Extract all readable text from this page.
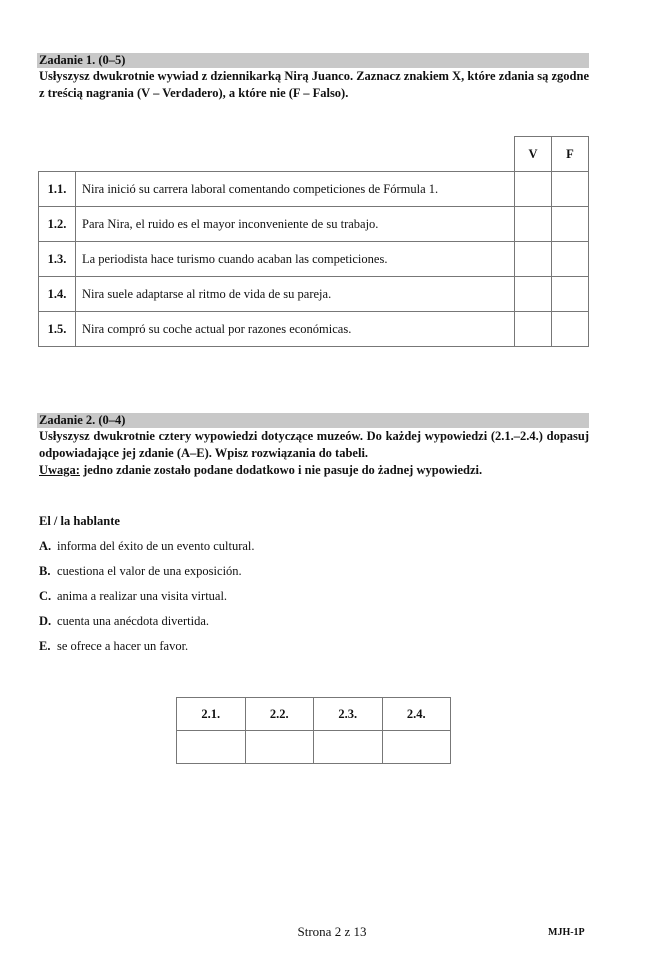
Zadanie 1. (0–5)
Usłyszysz dwukrotnie wywiad z dziennikarką Nirą Juanco. Zaznacz znakiem X, które zdania są zgodne z treścią nagrania (V – Verdadero), a które nie (F – Falso).
		V	F
1.1.	Nira inició su carrera laboral comentando competiciones de Fórmula 1.		
1.2.	Para Nira, el ruido es el mayor inconveniente de su trabajo.		
1.3.	La periodista hace turismo cuando acaban las competiciones.		
1.4.	Nira suele adaptarse al ritmo de vida de su pareja.		
1.5.	Nira compró su coche actual por razones económicas.		
Zadanie 2. (0–4)
Usłyszysz dwukrotnie cztery wypowiedzi dotyczące muzeów. Do każdej wypowiedzi (2.1.–2.4.) dopasuj odpowiadające jej zdanie (A–E). Wpisz rozwiązania do tabeli.
Uwaga: jedno zdanie zostało podane dodatkowo i nie pasuje do żadnej wypowiedzi.
El / la hablante
A. informa del éxito de un evento cultural.
B. cuestiona el valor de una exposición.
C. anima a realizar una visita virtual.
D. cuenta una anécdota divertida.
E. se ofrece a hacer un favor.
2.1.	2.2.	2.3.	2.4.

Strona 2 z 13	MJH-1P
